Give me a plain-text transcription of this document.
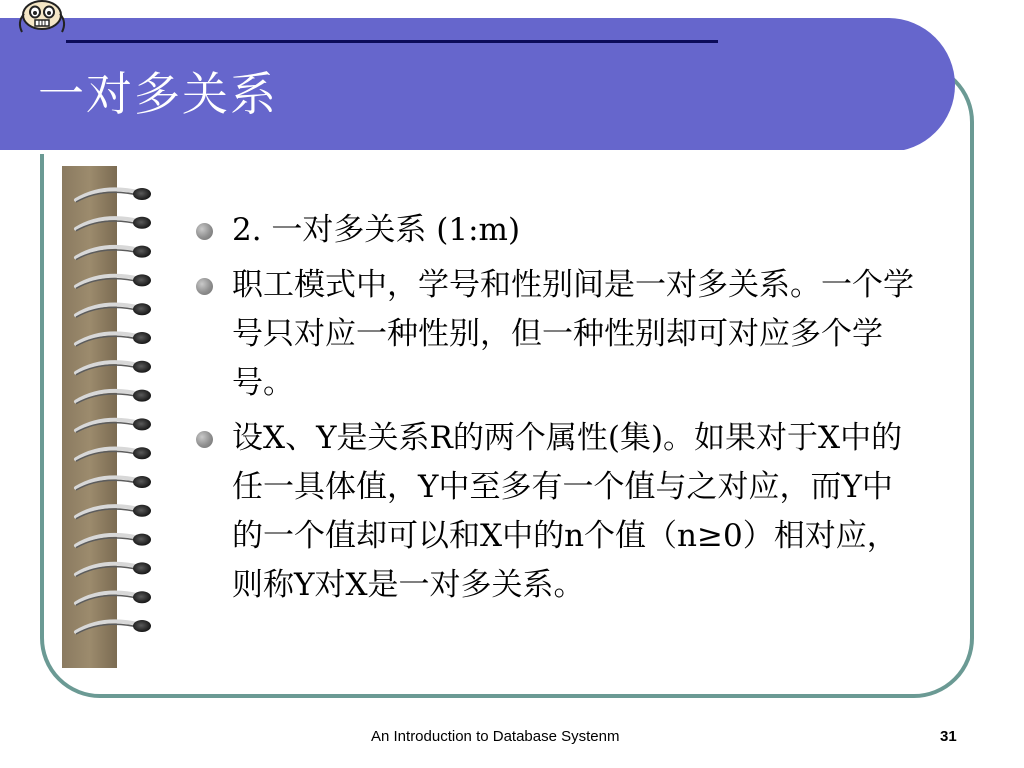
一对多关系
2. 一对多关系 (1:m)
职工模式中，学号和性别间是一对多关系。一个学号只对应一种性别，但一种性别却可对应多个学号。
设X、Y是关系R的两个属性(集)。如果对于X中的任一具体值，Y中至多有一个值与之对应，而Y中的一个值却可以和X中的n个值（n≥0）相对应，则称Y对X是一对多关系。
An Introduction to Database Systenm	31
